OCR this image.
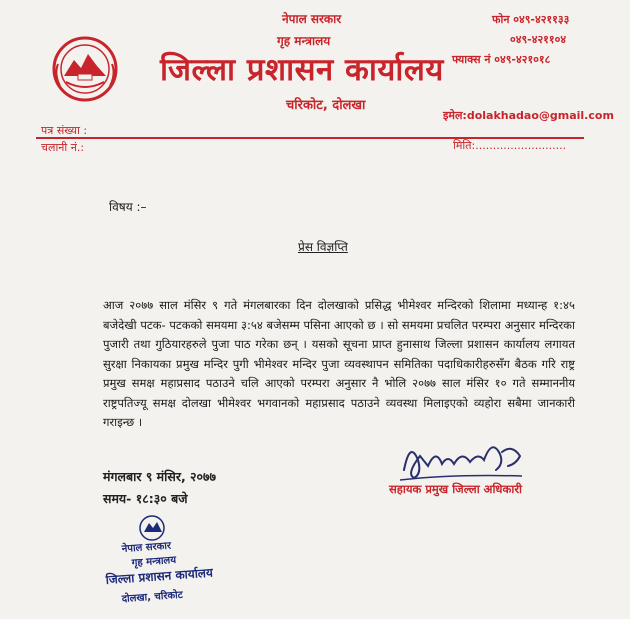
नेपाल सरकार
गृह मन्त्रालय
जिल्ला प्रशासन कार्यालय
चरिकोट, दोलखा
फोन ०४९-४२११३३
०४९-४२११०४
फ्याक्स नं ०४९-४२१०१८
इमेल:dolakhadao@gmail.com
पत्र संख्या :
चलानी नं.:	मिति:..........................
विषय :–
प्रेस विज्ञप्ति

आज २०७७ साल मंसिर ९ गते मंगलबारका दिन दोलखाको प्रसिद्ध भीमेश्वर मन्दिरको शिलामा मध्यान्ह १:४५ बजेदेखी पटक- पटकको समयमा ३:५४ बजेसम्म पसिना आएको छ । सो समयमा प्रचलित परम्परा अनुसार मन्दिरका पुजारी तथा गुठियारहरुले पुजा पाठ गरेका छन् । यसको सूचना प्राप्त हुनासाथ जिल्ला प्रशासन कार्यालय लगायत सुरक्षा निकायका प्रमुख मन्दिर पुगी भीमेश्वर मन्दिर पुजा व्यवस्थापन समितिका पदाधिकारीहरुसँग बैठक गरि राष्ट्र प्रमुख समक्ष महाप्रसाद पठाउने चलि आएको परम्परा अनुसार नै भोलि २०७७ साल मंसिर १० गते सम्माननीय राष्ट्रपतिज्यू समक्ष दोलखा भीमेश्वर भगवानको महाप्रसाद पठाउने व्यवस्था मिलाइएको व्यहोरा सबैमा जानकारी गराइन्छ ।

मंगलबार ९ मंसिर, २०७७
समय- १८:३० बजे
सहायक प्रमुख जिल्ला अधिकारी
नेपाल सरकार
गृह मन्त्रालय
जिल्ला प्रशासन कार्यालय
दोलखा, चरिकोट
